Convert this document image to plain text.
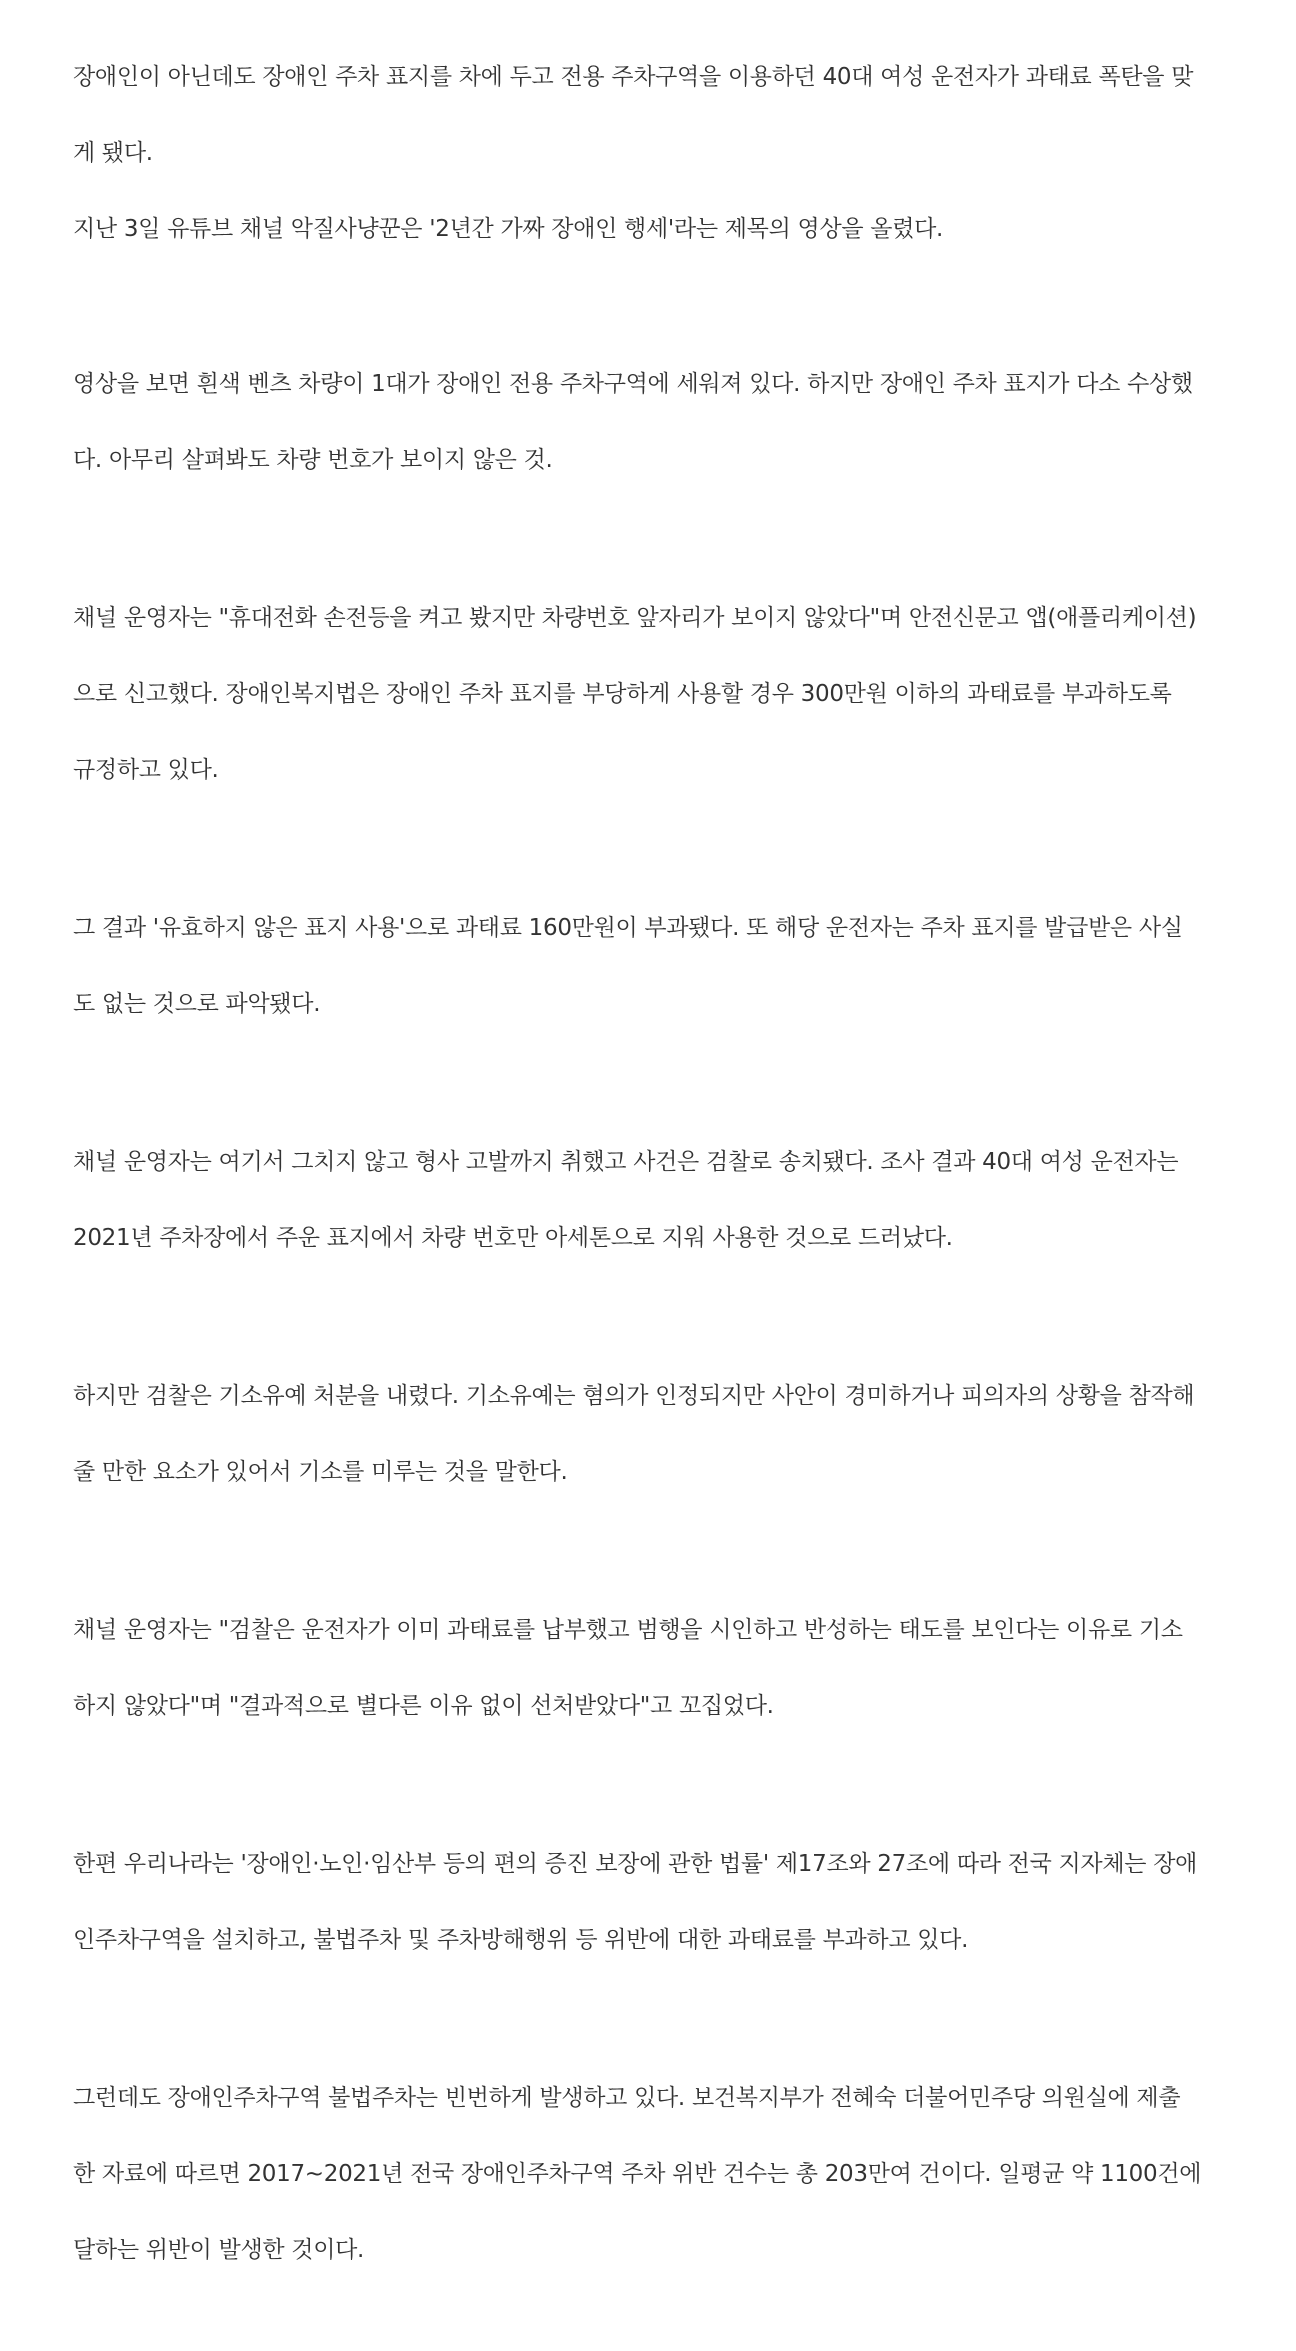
장애인이 아닌데도 장애인 주차 표지를 차에 두고 전용 주차구역을 이용하던 40대 여성 운전자가 과태료 폭탄을 맞

게 됐다.

지난 3일 유튜브 채널 악질사냥꾼은 '2년간 가짜 장애인 행세'라는 제목의 영상을 올렸다.

영상을 보면 흰색 벤츠 차량이 1대가 장애인 전용 주차구역에 세워져 있다. 하지만 장애인 주차 표지가 다소 수상했

다. 아무리 살펴봐도 차량 번호가 보이지 않은 것.

채널 운영자는 "휴대전화 손전등을 켜고 봤지만 차량번호 앞자리가 보이지 않았다"며 안전신문고 앱(애플리케이션)

으로 신고했다. 장애인복지법은 장애인 주차 표지를 부당하게 사용할 경우 300만원 이하의 과태료를 부과하도록

규정하고 있다.

그 결과 '유효하지 않은 표지 사용'으로 과태료 160만원이 부과됐다. 또 해당 운전자는 주차 표지를 발급받은 사실

도 없는 것으로 파악됐다.

채널 운영자는 여기서 그치지 않고 형사 고발까지 취했고 사건은 검찰로 송치됐다. 조사 결과 40대 여성 운전자는

2021년 주차장에서 주운 표지에서 차량 번호만 아세톤으로 지워 사용한 것으로 드러났다.

하지만 검찰은 기소유예 처분을 내렸다. 기소유예는 혐의가 인정되지만 사안이 경미하거나 피의자의 상황을 참작해

줄 만한 요소가 있어서 기소를 미루는 것을 말한다.

채널 운영자는 "검찰은 운전자가 이미 과태료를 납부했고 범행을 시인하고 반성하는 태도를 보인다는 이유로 기소

하지 않았다"며 "결과적으로 별다른 이유 없이 선처받았다"고 꼬집었다.

한편 우리나라는 '장애인·노인·임산부 등의 편의 증진 보장에 관한 법률' 제17조와 27조에 따라 전국 지자체는 장애

인주차구역을 설치하고, 불법주차 및 주차방해행위 등 위반에 대한 과태료를 부과하고 있다.

그런데도 장애인주차구역 불법주차는 빈번하게 발생하고 있다. 보건복지부가 전혜숙 더불어민주당 의원실에 제출

한 자료에 따르면 2017~2021년 전국 장애인주차구역 주차 위반 건수는 총 203만여 건이다. 일평균 약 1100건에

달하는 위반이 발생한 것이다.
